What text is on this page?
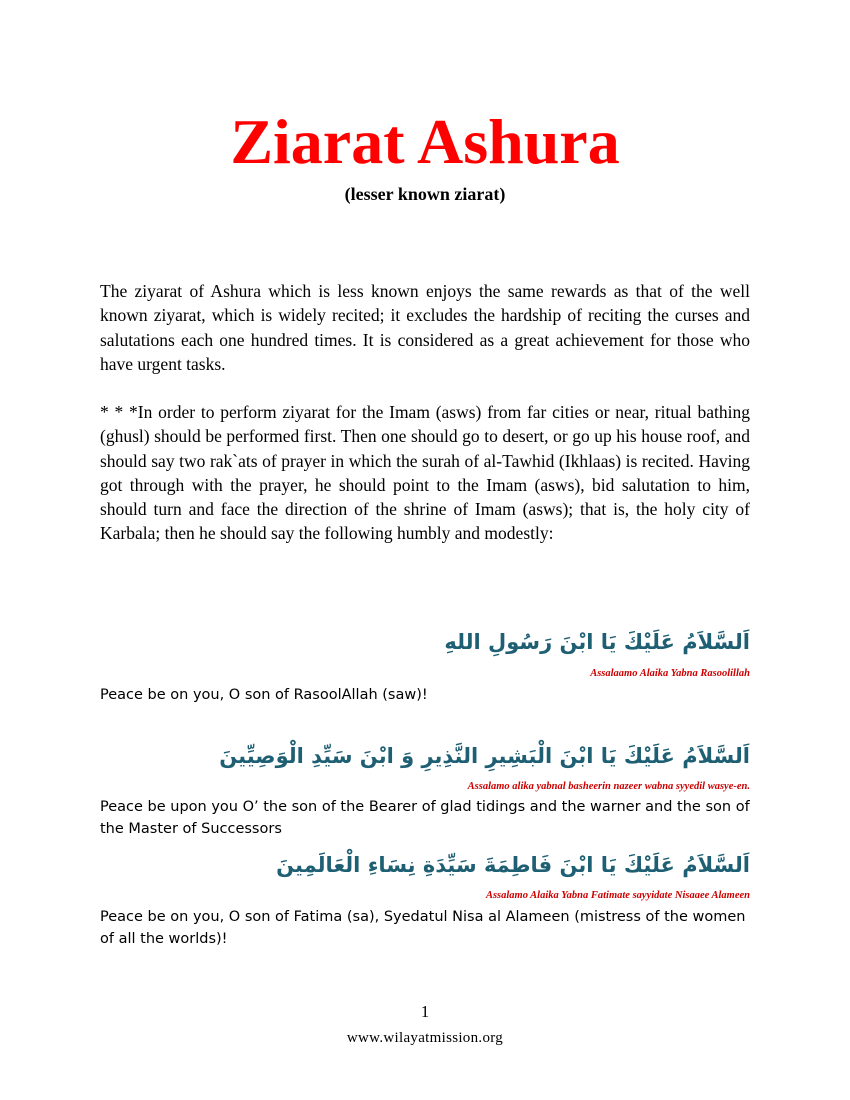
Ziarat Ashura
(lesser known ziarat)

The ziyarat of Ashura which is less known enjoys the same rewards as that of the well known ziyarat, which is widely recited; it excludes the hardship of reciting the curses and salutations each one hundred times. It is considered as a great achievement for those who have urgent tasks.

* * *In order to perform ziyarat for the Imam (asws) from far cities or near, ritual bathing (ghusl) should be performed first. Then one should go to desert, or go up his house roof, and should say two rak`ats of prayer in which the surah of al-Tawhid (Ikhlaas) is recited. Having got through with the prayer, he should point to the Imam (asws), bid salutation to him, should turn and face the direction of the shrine of Imam (asws); that is, the holy city of Karbala; then he should say the following humbly and modestly:

اَلسَّلاَمُ عَلَيْكَ يَا ابْنَ رَسُولِ اللهِ
Assalaamo Alaika Yabna Rasoolillah
Peace be on you, O son of RasoolAllah (saw)!
اَلسَّلاَمُ عَلَيْكَ يَا ابْنَ الْبَشِيرِ النَّذِيرِ وَ ابْنَ سَيِّدِ الْوَصِيِّينَ
Assalamo alika yabnal basheerin nazeer wabna syyedil wasye-en.
Peace be upon you O’ the son of the Bearer of glad tidings and the warner and the son of the Master of Successors
اَلسَّلاَمُ عَلَيْكَ يَا ابْنَ فَاطِمَةَ سَيِّدَةِ نِسَاءِ الْعَالَمِينَ
Assalamo Alaika Yabna Fatimate sayyidate Nisaaee Alameen
Peace be on you, O son of Fatima (sa), Syedatul Nisa al Alameen (mistress of the women of all the worlds)!
1
www.wilayatmission.org
